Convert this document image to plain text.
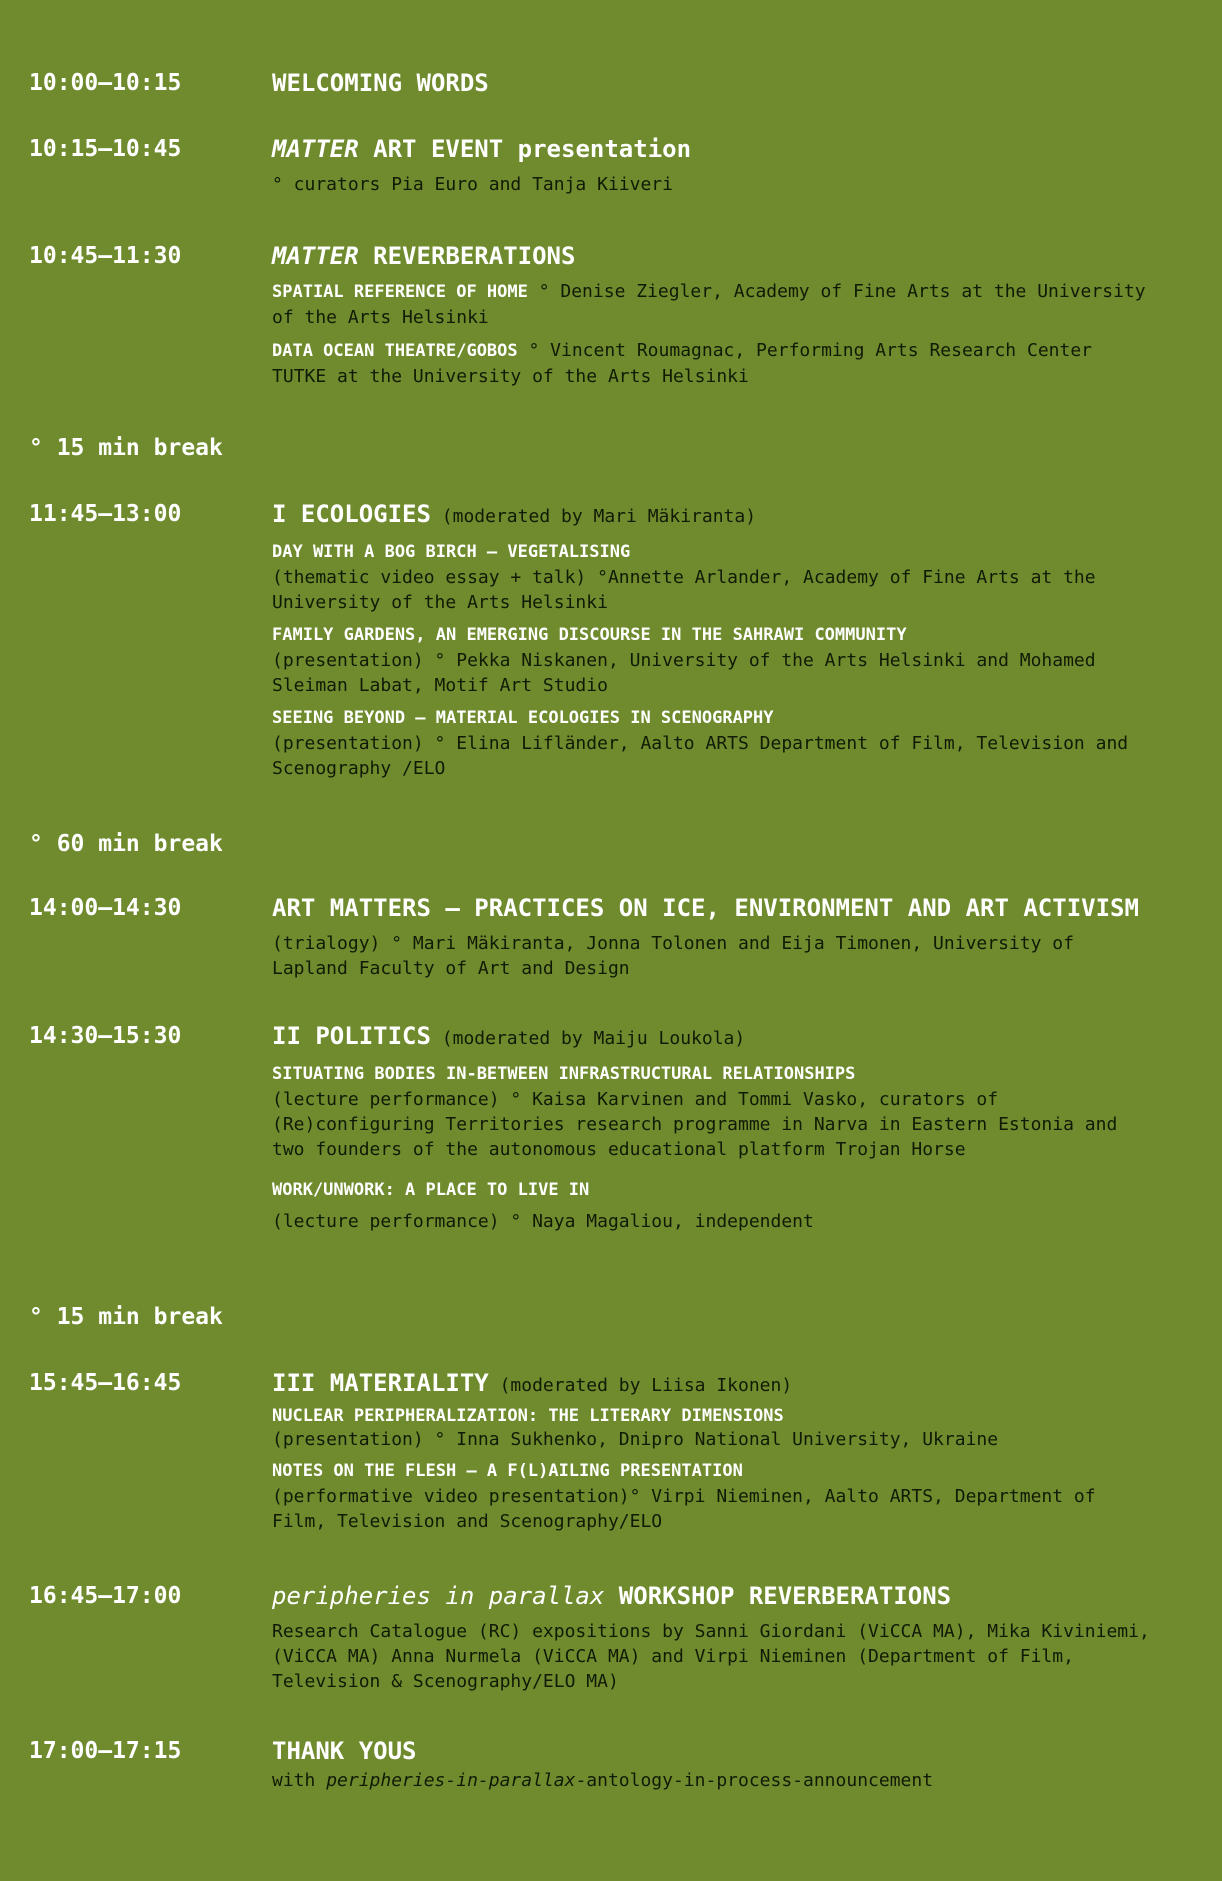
10:00–10:15	WELCOMING WORDS
10:15–10:45	MATTER ART EVENT presentation
° curators Pia Euro and Tanja Kiiveri
10:45–11:30	MATTER REVERBERATIONS
SPATIAL REFERENCE OF HOME ° Denise Ziegler, Academy of Fine Arts at the University of the Arts Helsinki
DATA OCEAN THEATRE/GOBOS ° Vincent Roumagnac, Performing Arts Research Center TUTKE at the University of the Arts Helsinki
° 15 min break
11:45–13:00	I ECOLOGIES (moderated by Mari Mäkiranta)
DAY WITH A BOG BIRCH – VEGETALISING
(thematic video essay + talk) °Annette Arlander, Academy of Fine Arts at the University of the Arts Helsinki
FAMILY GARDENS, AN EMERGING DISCOURSE IN THE SAHRAWI COMMUNITY
(presentation) ° Pekka Niskanen, University of the Arts Helsinki and Mohamed Sleiman Labat, Motif Art Studio
SEEING BEYOND – MATERIAL ECOLOGIES IN SCENOGRAPHY
(presentation) ° Elina Lifländer, Aalto ARTS Department of Film, Television and Scenography /ELO
° 60 min break
14:00–14:30	ART MATTERS – PRACTICES ON ICE, ENVIRONMENT AND ART ACTIVISM
(trialogy) ° Mari Mäkiranta, Jonna Tolonen and Eija Timonen, University of Lapland Faculty of Art and Design
14:30–15:30	II POLITICS (moderated by Maiju Loukola)
SITUATING BODIES IN-BETWEEN INFRASTRUCTURAL RELATIONSHIPS
(lecture performance) ° Kaisa Karvinen and Tommi Vasko, curators of (Re)configuring Territories research programme in Narva in Eastern Estonia and two founders of the autonomous educational platform Trojan Horse
WORK/UNWORK: A PLACE TO LIVE IN
(lecture performance) ° Naya Magaliou, independent
° 15 min break
15:45–16:45	III MATERIALITY (moderated by Liisa Ikonen)
NUCLEAR PERIPHERALIZATION: THE LITERARY DIMENSIONS
(presentation) ° Inna Sukhenko, Dnipro National University, Ukraine
NOTES ON THE FLESH – A F(L)AILING PRESENTATION
(performative video presentation)° Virpi Nieminen, Aalto ARTS, Department of Film, Television and Scenography/ELO
16:45–17:00	peripheries in parallax WORKSHOP REVERBERATIONS
Research Catalogue (RC) expositions by Sanni Giordani (ViCCA MA), Mika Kiviniemi, (ViCCA MA) Anna Nurmela (ViCCA MA) and Virpi Nieminen (Department of Film, Television & Scenography/ELO MA)
17:00–17:15	THANK YOUS
with peripheries-in-parallax-antology-in-process-announcement
